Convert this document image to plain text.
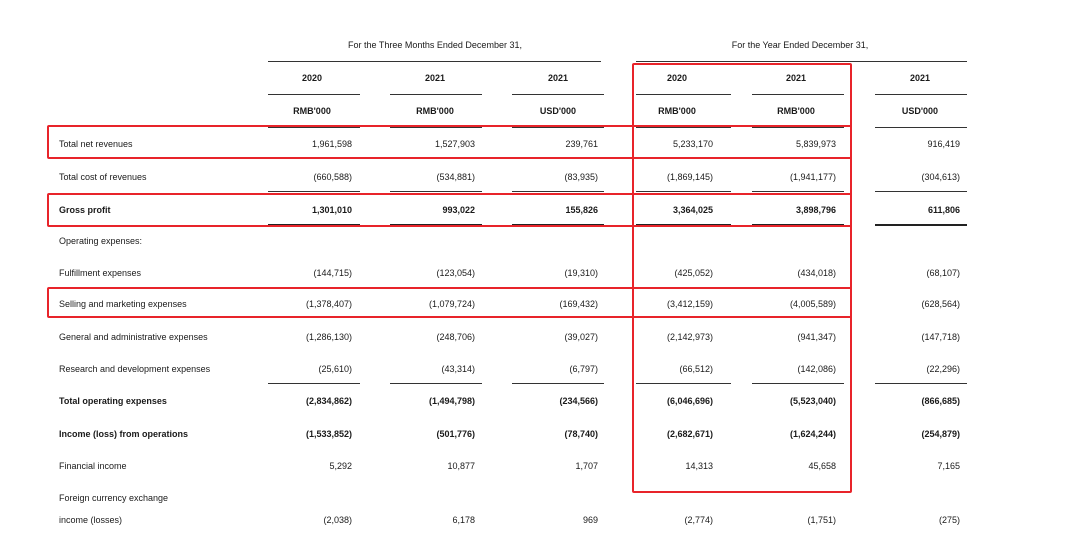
For the Three Months Ended December 31,	For the Year Ended December 31,
2020	2021	2021	2020	2021	2021
RMB'000	RMB'000	USD'000	RMB'000	RMB'000	USD'000
Total net revenues	1,961,598	1,527,903	239,761	5,233,170	5,839,973	916,419
Total cost of revenues	(660,588)	(534,881)	(83,935)	(1,869,145)	(1,941,177)	(304,613)
Gross profit	1,301,010	993,022	155,826	3,364,025	3,898,796	611,806
Operating expenses:
Fulfillment expenses	(144,715)	(123,054)	(19,310)	(425,052)	(434,018)	(68,107)
Selling and marketing expenses	(1,378,407)	(1,079,724)	(169,432)	(3,412,159)	(4,005,589)	(628,564)
General and administrative expenses	(1,286,130)	(248,706)	(39,027)	(2,142,973)	(941,347)	(147,718)
Research and development expenses	(25,610)	(43,314)	(6,797)	(66,512)	(142,086)	(22,296)
Total operating expenses	(2,834,862)	(1,494,798)	(234,566)	(6,046,696)	(5,523,040)	(866,685)
Income (loss) from operations	(1,533,852)	(501,776)	(78,740)	(2,682,671)	(1,624,244)	(254,879)
Financial income	5,292	10,877	1,707	14,313	45,658	7,165
Foreign currency exchange
income (losses)	(2,038)	6,178	969	(2,774)	(1,751)	(275)
